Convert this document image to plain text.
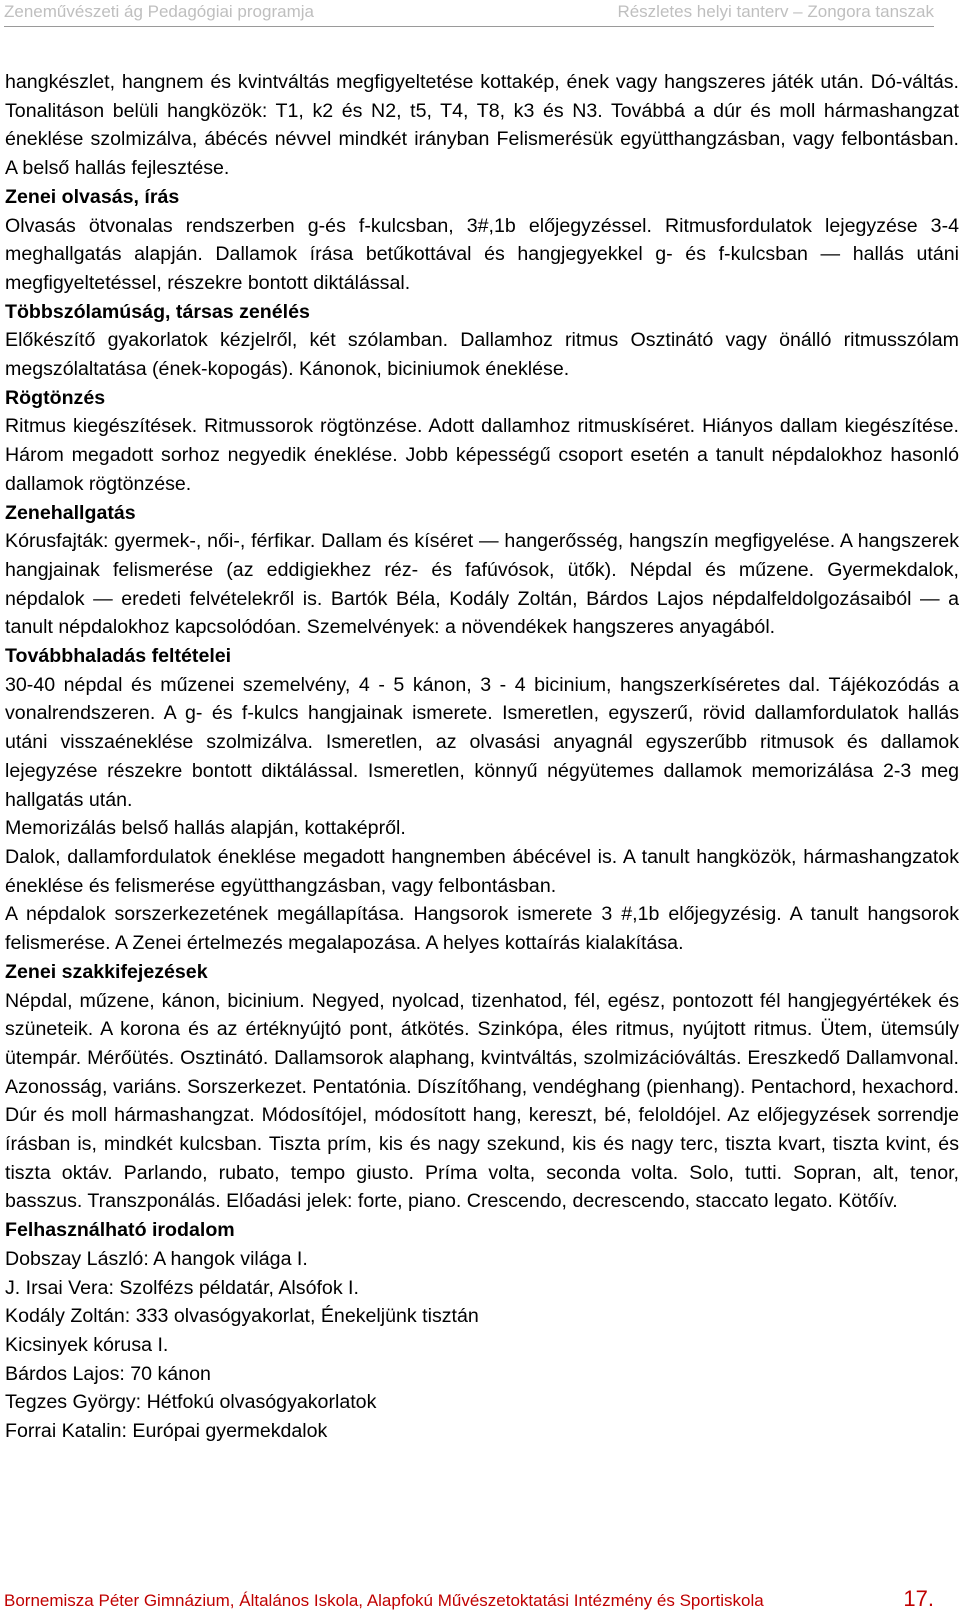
Zeneművészeti ág Pedagógiai programja	Részletes helyi tanterv – Zongora tanszak

hangkészlet, hangnem és kvintváltás megfigyeltetése kottakép, ének vagy hangszeres játék után. Dó-váltás. Tonalitáson belüli hangközök: T1, k2 és N2, t5, T4, T8, k3 és N3. Továbbá a dúr és moll hármashangzat éneklése szolmizálva, ábécés névvel mindkét irányban Felismerésük együtthangzásban, vagy felbontásban. A belső hallás fejlesztése.

Zenei olvasás, írás

Olvasás ötvonalas rendszerben g-és f-kulcsban, 3#,1b előjegyzéssel. Ritmusfordulatok lejegyzése 3-4 meghallgatás alapján. Dallamok írása betűkottával és hangjegyekkel g- és f-kulcsban — hallás utáni megfigyeltetéssel, részekre bontott diktálással.

Többszólamúság, társas zenélés

Előkészítő gyakorlatok kézjelről, két szólamban. Dallamhoz ritmus Osztinátó vagy önálló ritmusszólam megszólaltatása (ének-kopogás). Kánonok, biciniumok éneklése.

Rögtönzés

Ritmus kiegészítések. Ritmussorok rögtönzése. Adott dallamhoz ritmuskíséret. Hiányos dallam kiegészítése. Három megadott sorhoz negyedik éneklése. Jobb képességű csoport esetén a tanult népdalokhoz hasonló dallamok rögtönzése.

Zenehallgatás

Kórusfajták: gyermek-, női-, férfikar. Dallam és kíséret — hangerősség, hangszín megfigyelése. A hangszerek hangjainak felismerése (az eddigiekhez réz- és fafúvósok, ütők). Népdal és műzene. Gyermekdalok, népdalok — eredeti felvételekről is. Bartók Béla, Kodály Zoltán, Bárdos Lajos népdalfeldolgozásaiból — a tanult népdalokhoz kapcsolódóan. Szemelvények: a növendékek hangszeres anyagából.

Továbbhaladás feltételei

30-40 népdal és műzenei szemelvény, 4 - 5 kánon, 3 - 4 bicinium, hangszerkíséretes dal. Tájékozódás a vonalrendszeren. A g- és f-kulcs hangjainak ismerete. Ismeretlen, egyszerű, rövid dallamfordulatok hallás utáni visszaéneklése szolmizálva. Ismeretlen, az olvasási anyagnál egyszerűbb ritmusok és dallamok lejegyzése részekre bontott diktálással. Ismeretlen, könnyű négyütemes dallamok memorizálása 2-3 meg hallgatás után.

Memorizálás belső hallás alapján, kottaképről.

Dalok, dallamfordulatok éneklése megadott hangnemben ábécével is. A tanult hangközök, hármashangzatok éneklése és felismerése együtthangzásban, vagy felbontásban.

A népdalok sorszerkezetének megállapítása. Hangsorok ismerete 3 #,1b előjegyzésig. A tanult hangsorok felismerése. A Zenei értelmezés megalapozása. A helyes kottaírás kialakítása.

Zenei szakkifejezések

Népdal, műzene, kánon, bicinium. Negyed, nyolcad, tizenhatod, fél, egész, pontozott fél hangjegyértékek és szüneteik. A korona és az értéknyújtó pont, átkötés. Szinkópa, éles ritmus, nyújtott ritmus. Ütem, ütemsúly ütempár. Mérőütés. Osztinátó. Dallamsorok alaphang, kvintváltás, szolmizációváltás. Ereszkedő Dallamvonal. Azonosság, variáns. Sorszerkezet. Pentatónia. Díszítőhang, vendéghang (pienhang). Pentachord, hexachord. Dúr és moll hármashangzat. Módosítójel, módosított hang, kereszt, bé, feloldójel. Az előjegyzések sorrendje írásban is, mindkét kulcsban. Tiszta prím, kis és nagy szekund, kis és nagy terc, tiszta kvart, tiszta kvint, és tiszta oktáv. Parlando, rubato, tempo giusto. Príma volta, seconda volta. Solo, tutti. Sopran, alt, tenor, basszus. Transzponálás. Előadási jelek: forte, piano. Crescendo, decrescendo, staccato legato. Kötőív.

Felhasználható irodalom

Dobszay László: A hangok világa I.

J. Irsai Vera: Szolfézs példatár, Alsófok I.

Kodály Zoltán: 333 olvasógyakorlat, Énekeljünk tisztán

Kicsinyek kórusa I.

Bárdos Lajos: 70 kánon

Tegzes György: Hétfokú olvasógyakorlatok

Forrai Katalin: Európai gyermekdalok

Bornemisza Péter Gimnázium, Általános Iskola, Alapfokú Művészetoktatási Intézmény és Sportiskola	17.
